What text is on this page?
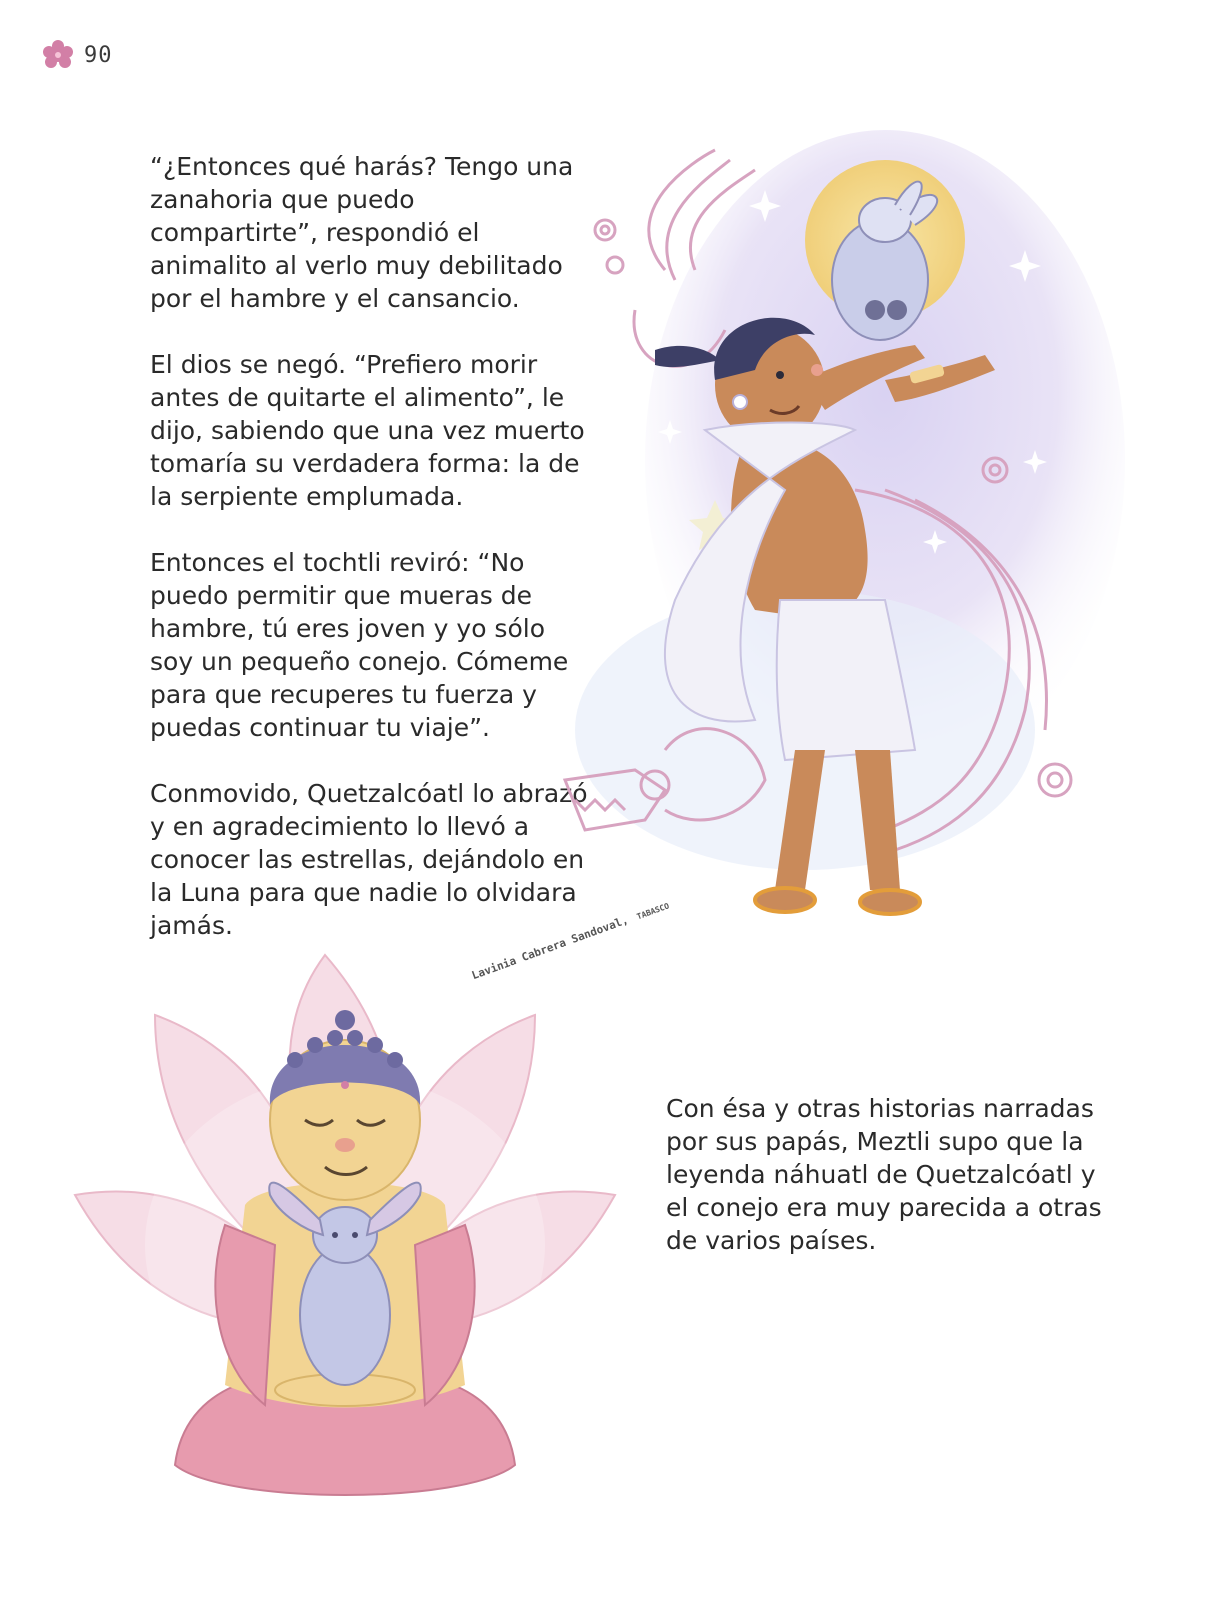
90

“¿Entonces qué harás? Tengo una zanahoria que puedo compartirte”, respondió el animalito al verlo muy debilitado por el hambre y el cansancio.

El dios se negó. “Prefiero morir antes de quitarte el alimento”, le dijo, sabiendo que una vez muerto tomaría su verdadera forma: la de la serpiente emplumada.

Entonces el tochtli reviró: “No puedo permitir que mueras de hambre, tú eres joven y yo sólo soy un pequeño conejo. Cómeme para que recuperes tu fuerza y puedas continuar tu viaje”.

Conmovido, Quetzalcóatl lo abrazó y en agradecimiento lo llevó a conocer las estrellas, dejándolo en la Luna para que nadie lo olvidara jamás.	Lavinia Cabrera Sandoval, TABASCO

Con ésa y otras historias narradas por sus papás, Meztli supo que la leyenda náhuatl de Quetzalcóatl y el conejo era muy parecida a otras de varios países.
